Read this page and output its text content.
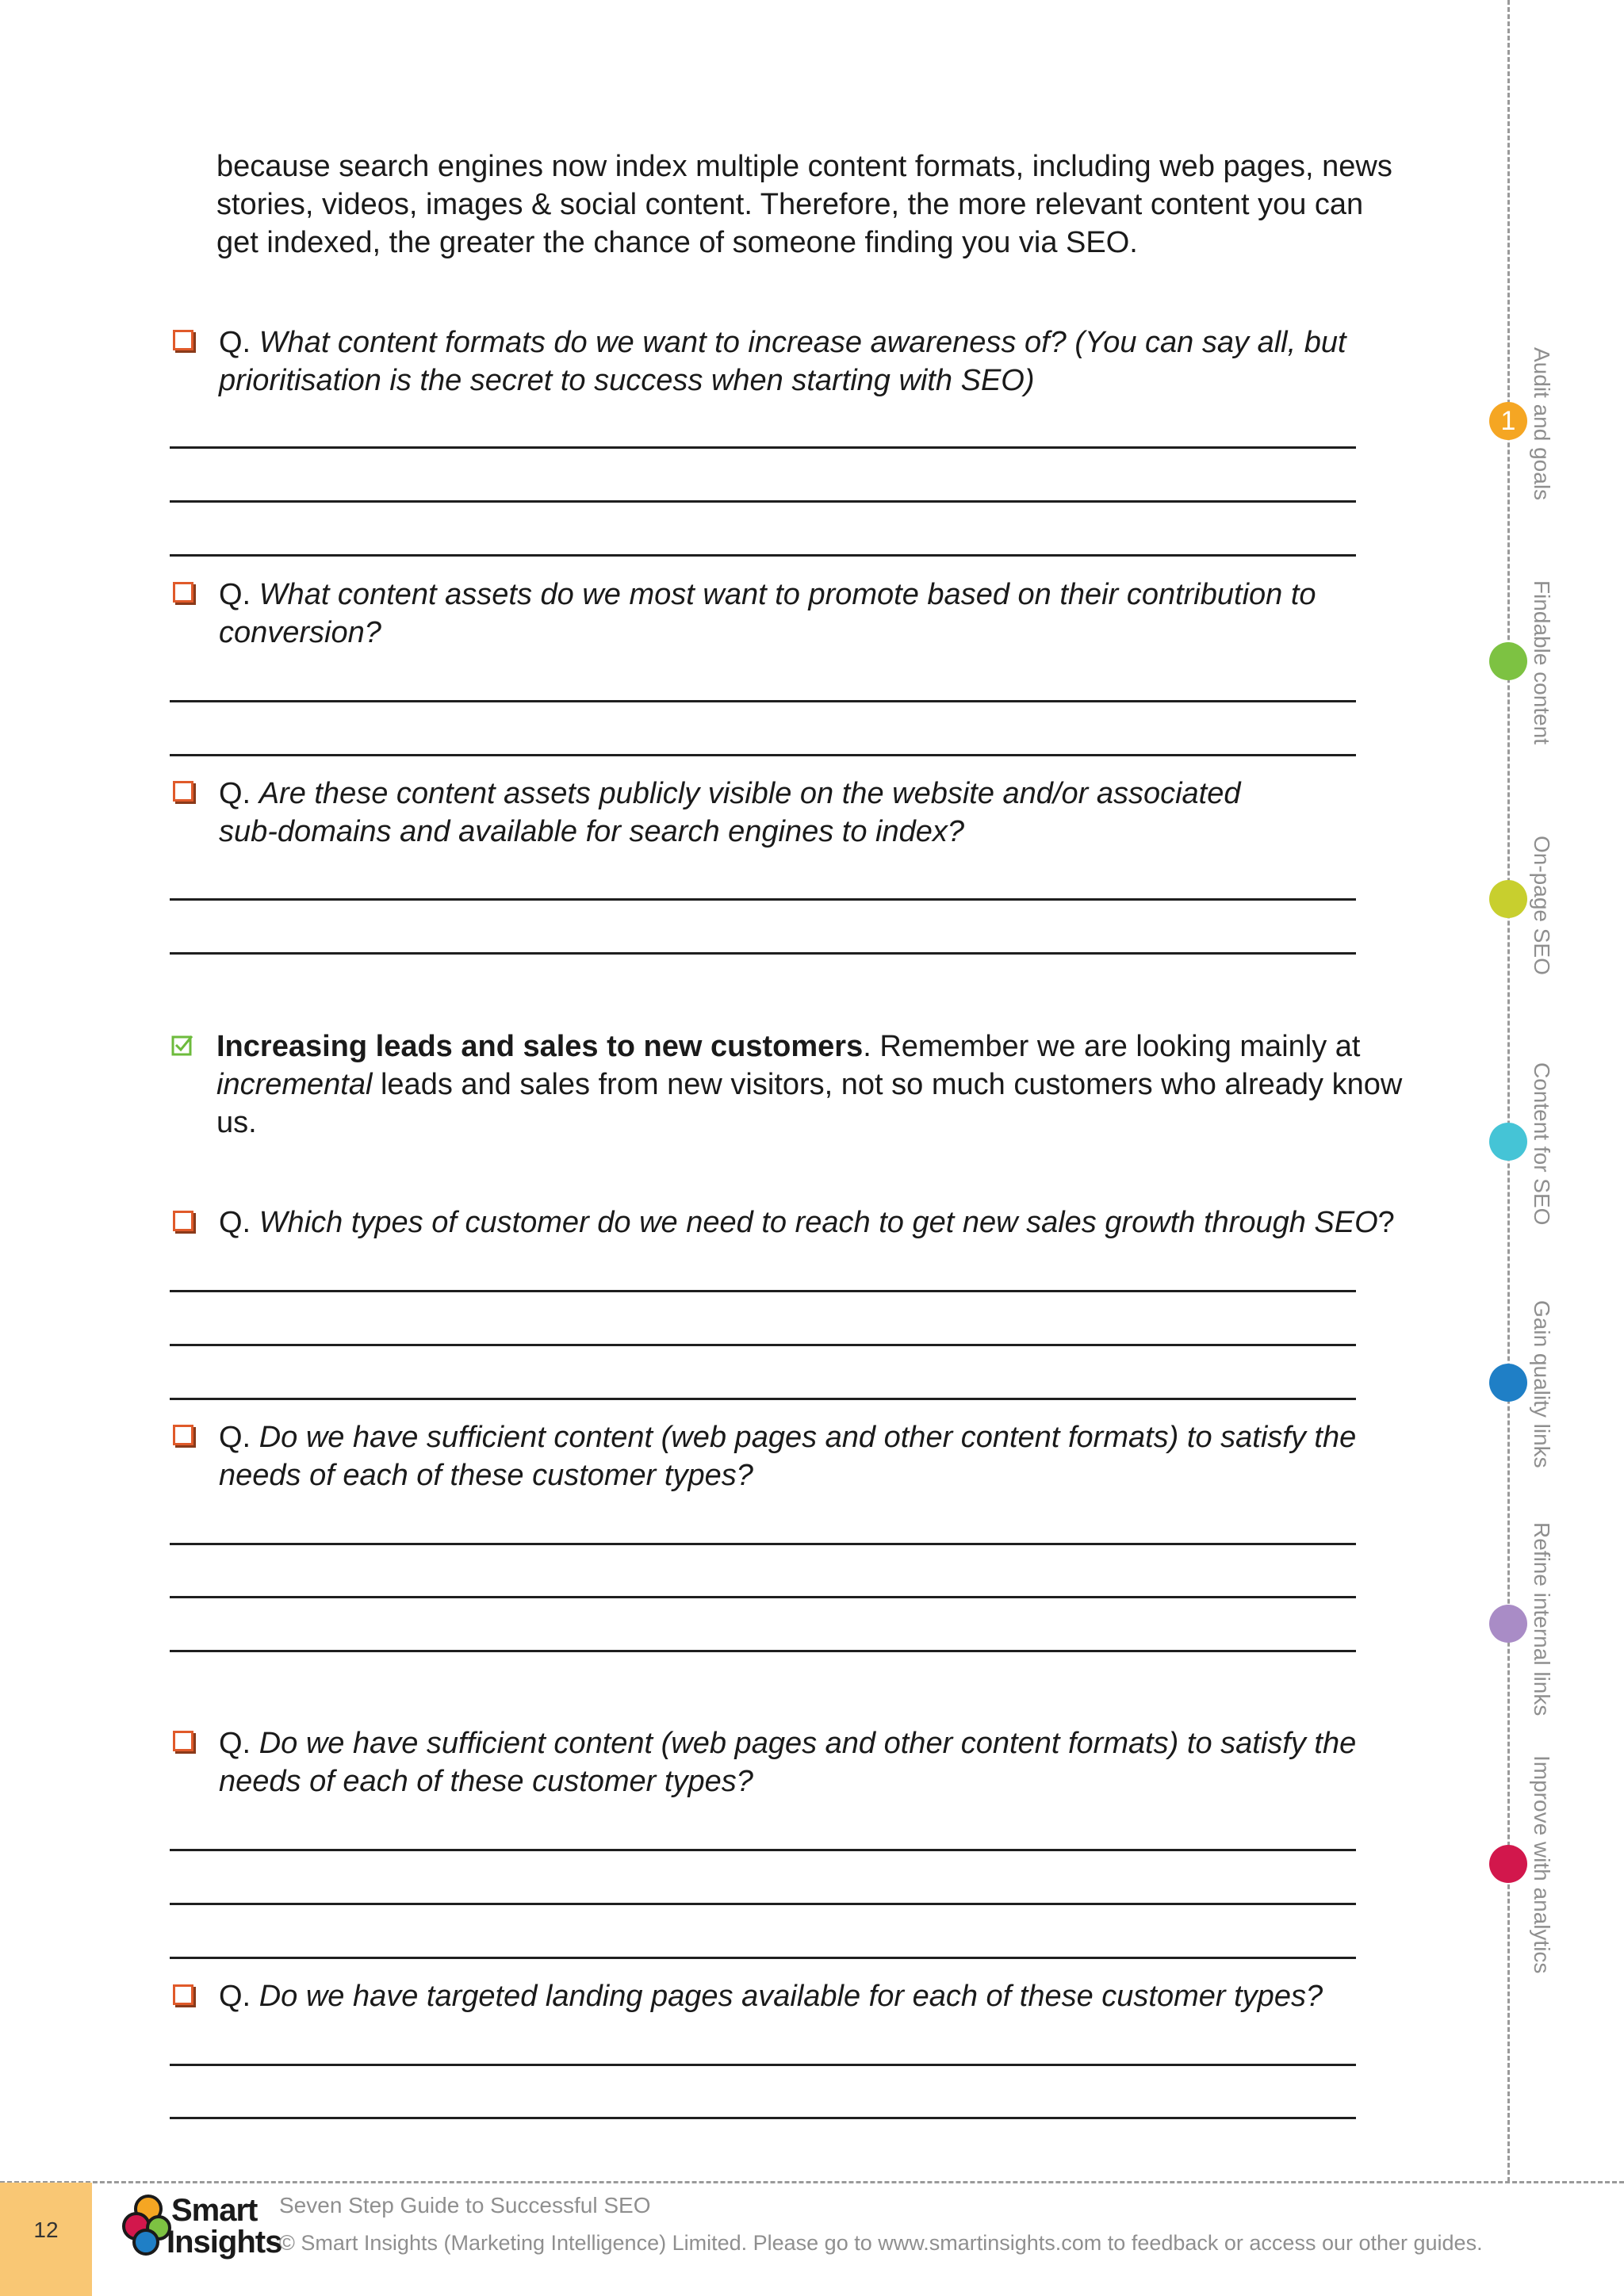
because search engines now index multiple content formats, including web pages, news
stories, videos, images & social content. Therefore, the more relevant content you can
get indexed, the greater the chance of someone finding you via SEO.
Q. What content formats do we want to increase awareness of? (You can say all, but
prioritisation is the secret to success when starting with SEO)
Q. What content assets do we most want to promote based on their contribution to
conversion?
Q. Are these content assets publicly visible on the website and/or associated
sub-domains and available for search engines to index?
Increasing leads and sales to new customers. Remember we are looking mainly at
incremental leads and sales from new visitors, not so much customers who already know
us.
Q. Which types of customer do we need to reach to get new sales growth through SEO?
Q. Do we have sufficient content (web pages and other content formats) to satisfy the
needs of each of these customer types?
Q. Do we have sufficient content (web pages and other content formats) to satisfy the
needs of each of these customer types?
Q. Do we have targeted landing pages available for each of these customer types?
1 Audit and goals
Findable content
On-page SEO
Content for SEO
Gain quality links
Refine internal links
Improve with analytics
12
Smart
Insights
Seven Step Guide to Successful SEO
© Smart Insights (Marketing Intelligence) Limited. Please go to www.smartinsights.com to feedback or access our other guides.
